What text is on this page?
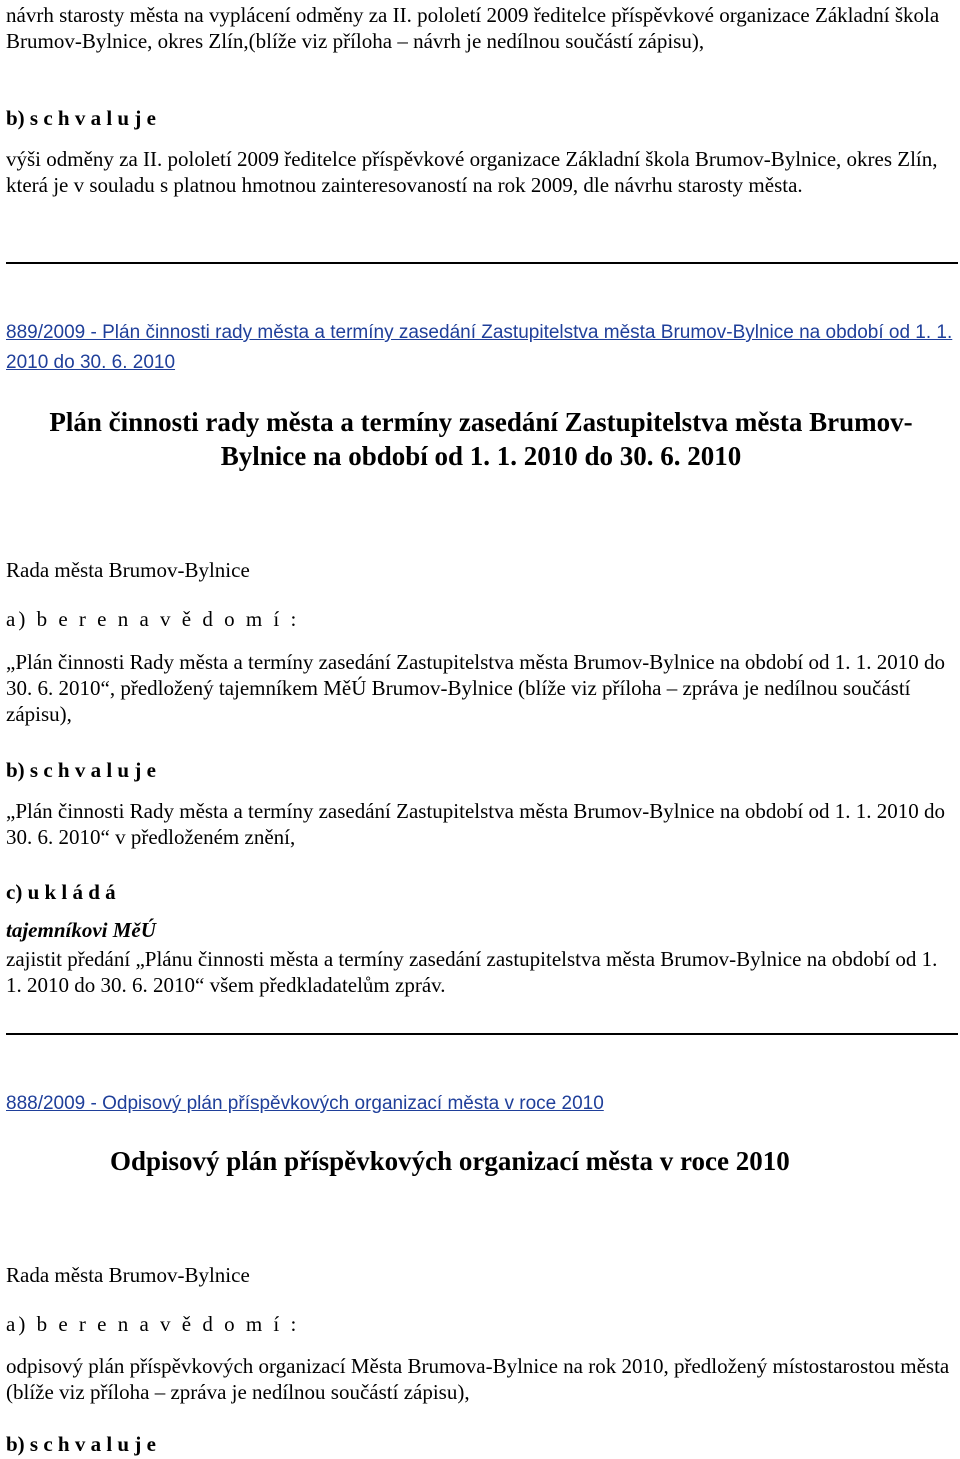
návrh starosty města na vyplácení odměny za II. pololetí 2009 ředitelce příspěvkové organizace Základní škola Brumov-Bylnice, okres Zlín,(blíže viz příloha – návrh je nedílnou součástí zápisu),

b) s c h v a l u j e

výši odměny za II. pololetí 2009 ředitelce příspěvkové organizace Základní škola Brumov-Bylnice, okres Zlín, která je v souladu s platnou hmotnou zainteresovaností na rok 2009, dle návrhu starosty města.

889/2009 - Plán činnosti rady města a termíny zasedání Zastupitelstva města Brumov-Bylnice na období od 1. 1. 2010 do 30. 6. 2010

Plán činnosti rady města a termíny zasedání Zastupitelstva města Brumov-

Bylnice na období od 1. 1. 2010 do 30. 6. 2010

Rada města Brumov-Bylnice

a) b e r e n a v ě d o m í :

„Plán činnosti Rady města a termíny zasedání Zastupitelstva města Brumov-Bylnice na období od 1. 1. 2010 do 30. 6. 2010“, předložený tajemníkem MěÚ Brumov-Bylnice (blíže viz příloha – zpráva je nedílnou součástí zápisu),

b) s c h v a l u j e

„Plán činnosti Rady města a termíny zasedání Zastupitelstva města Brumov-Bylnice na období od 1. 1. 2010 do 30. 6. 2010“ v předloženém znění,

c) u k l á d á

tajemníkovi MěÚ

zajistit předání „Plánu činnosti města a termíny zasedání zastupitelstva města Brumov-Bylnice na období od 1. 1. 2010 do 30. 6. 2010“ všem předkladatelům zpráv.

888/2009 - Odpisový plán příspěvkových organizací města v roce 2010

Odpisový plán příspěvkových organizací města v roce 2010

Rada města Brumov-Bylnice

a) b e r e n a v ě d o m í :

odpisový plán příspěvkových organizací Města Brumova-Bylnice na rok 2010, předložený místostarostou města (blíže viz příloha – zpráva je nedílnou součástí zápisu),

b) s c h v a l u j e
